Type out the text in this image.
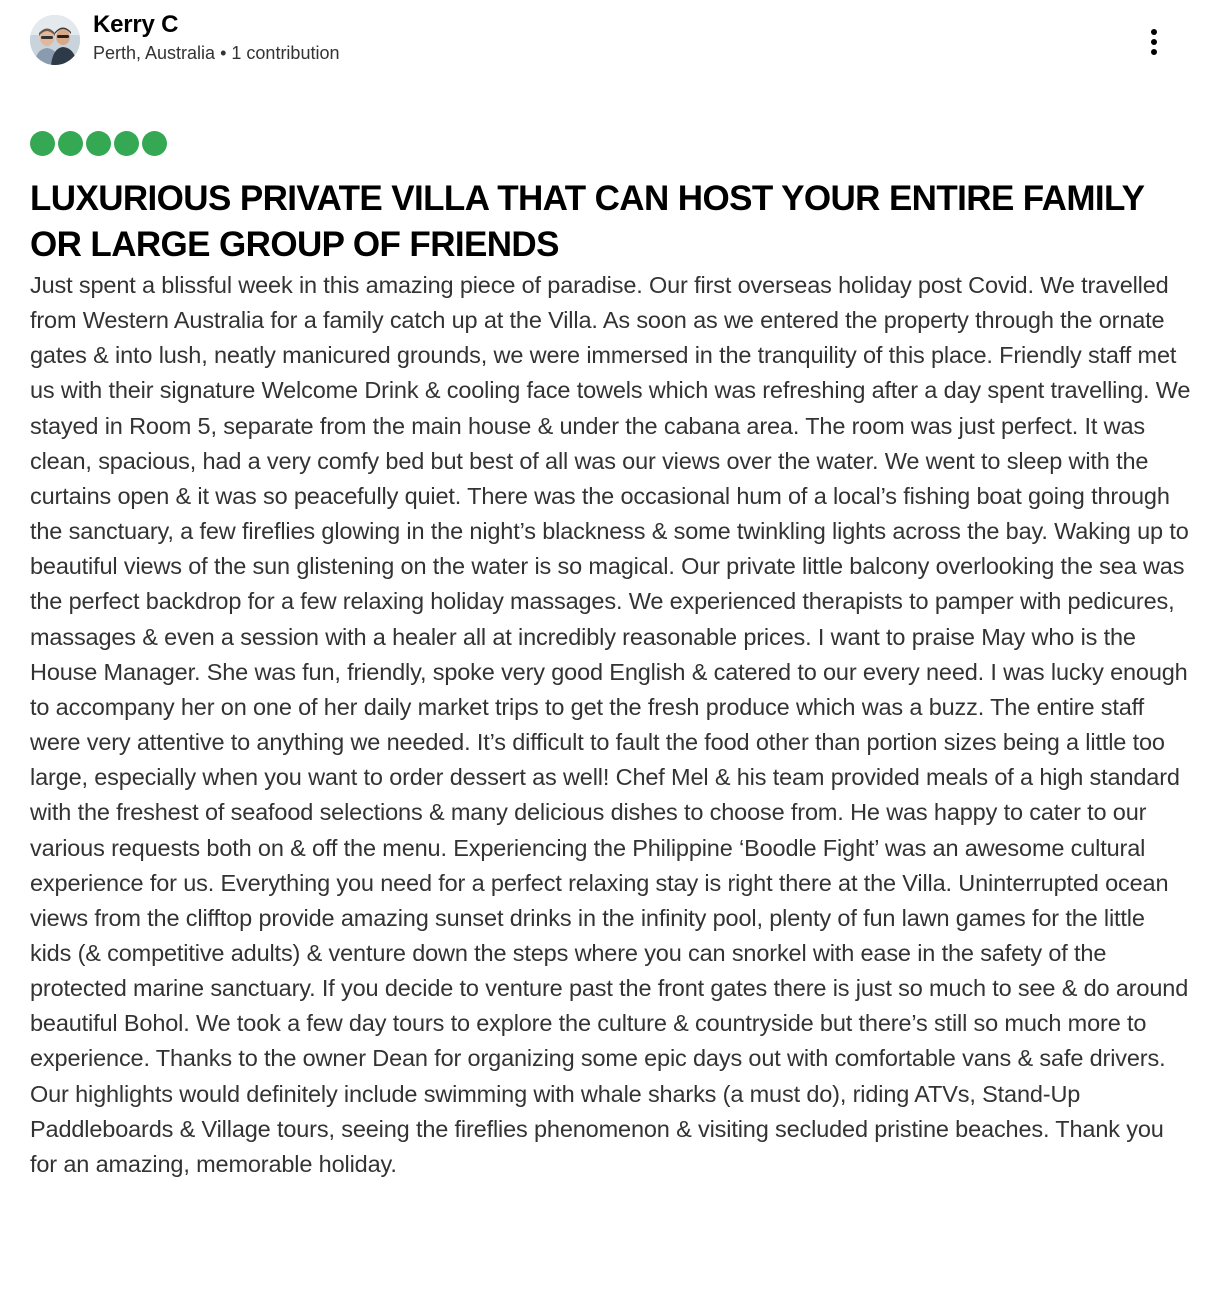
Kerry C
Perth, Australia • 1 contribution
LUXURIOUS PRIVATE VILLA THAT CAN HOST YOUR ENTIRE FAMILY OR LARGE GROUP OF FRIENDS

Just spent a blissful week in this amazing piece of paradise. Our first overseas holiday post Covid. We travelled from Western Australia for a family catch up at the Villa. As soon as we entered the property through the ornate gates & into lush, neatly manicured grounds, we were immersed in the tranquility of this place. Friendly staff met us with their signature Welcome Drink & cooling face towels which was refreshing after a day spent travelling. We stayed in Room 5, separate from the main house & under the cabana area. The room was just perfect. It was clean, spacious, had a very comfy bed but best of all was our views over the water. We went to sleep with the curtains open & it was so peacefully quiet. There was the occasional hum of a local’s fishing boat going through the sanctuary, a few fireflies glowing in the night’s blackness & some twinkling lights across the bay. Waking up to beautiful views of the sun glistening on the water is so magical. Our private little balcony overlooking the sea was the perfect backdrop for a few relaxing holiday massages. We experienced therapists to pamper with pedicures, massages & even a session with a healer all at incredibly reasonable prices. I want to praise May who is the House Manager. She was fun, friendly, spoke very good English & catered to our every need. I was lucky enough to accompany her on one of her daily market trips to get the fresh produce which was a buzz. The entire staff were very attentive to anything we needed. It’s difficult to fault the food other than portion sizes being a little too large, especially when you want to order dessert as well! Chef Mel & his team provided meals of a high standard with the freshest of seafood selections & many delicious dishes to choose from. He was happy to cater to our various requests both on & off the menu. Experiencing the Philippine ‘Boodle Fight’ was an awesome cultural experience for us. Everything you need for a perfect relaxing stay is right there at the Villa. Uninterrupted ocean views from the clifftop provide amazing sunset drinks in the infinity pool, plenty of fun lawn games for the little kids (& competitive adults) & venture down the steps where you can snorkel with ease in the safety of the protected marine sanctuary. If you decide to venture past the front gates there is just so much to see & do around beautiful Bohol. We took a few day tours to explore the culture & countryside but there’s still so much more to experience. Thanks to the owner Dean for organizing some epic days out with comfortable vans & safe drivers. Our highlights would definitely include swimming with whale sharks (a must do), riding ATVs, Stand-Up Paddleboards & Village tours, seeing the fireflies phenomenon & visiting secluded pristine beaches. Thank you for an amazing, memorable holiday.
